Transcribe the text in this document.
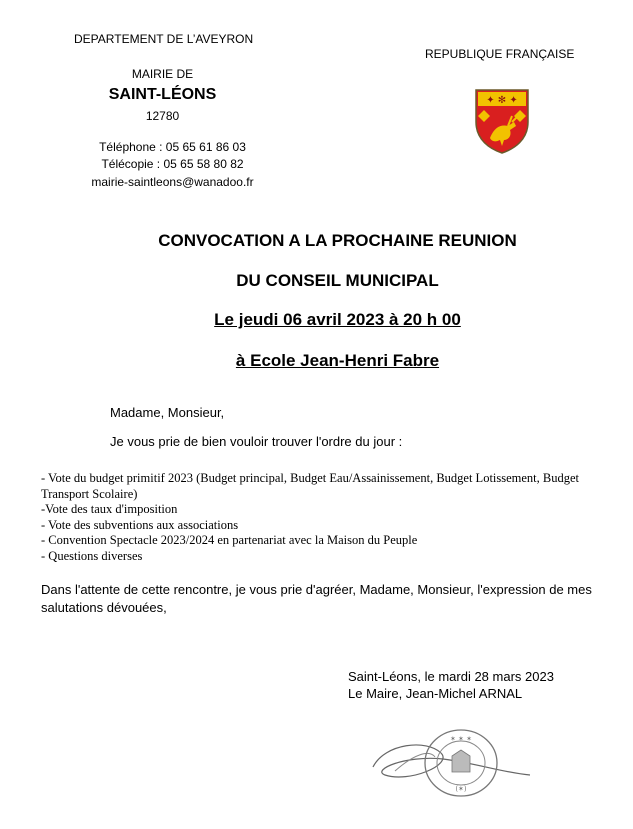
DEPARTEMENT DE L’AVEYRON
MAIRIE DE
SAINT-LÉONS
12780
Téléphone : 05 65 61 86 03
Télécopie : 05 65 58 80 82
mairie-saintleons@wanadoo.fr
REPUBLIQUE FRANÇAISE
✦ ✻ ✦
CONVOCATION A LA PROCHAINE REUNION
DU CONSEIL MUNICIPAL
Le jeudi 06 avril 2023 à 20 h 00
à Ecole Jean-Henri Fabre
Madame, Monsieur,
Je vous prie de bien vouloir trouver l'ordre du jour :
- Vote du budget primitif 2023 (Budget principal, Budget Eau/Assainissement, Budget Lotissement, Budget Transport Scolaire)
-Vote des taux d'imposition
- Vote des subventions aux associations
- Convention Spectacle 2023/2024 en partenariat avec la Maison du Peuple
- Questions diverses
Dans l'attente de cette rencontre, je vous prie d'agréer, Madame, Monsieur, l'expression de mes salutations dévouées,
Saint-Léons, le mardi 28 mars 2023
Le Maire, Jean-Michel ARNAL
✶ ✶ ✶
(✶)
